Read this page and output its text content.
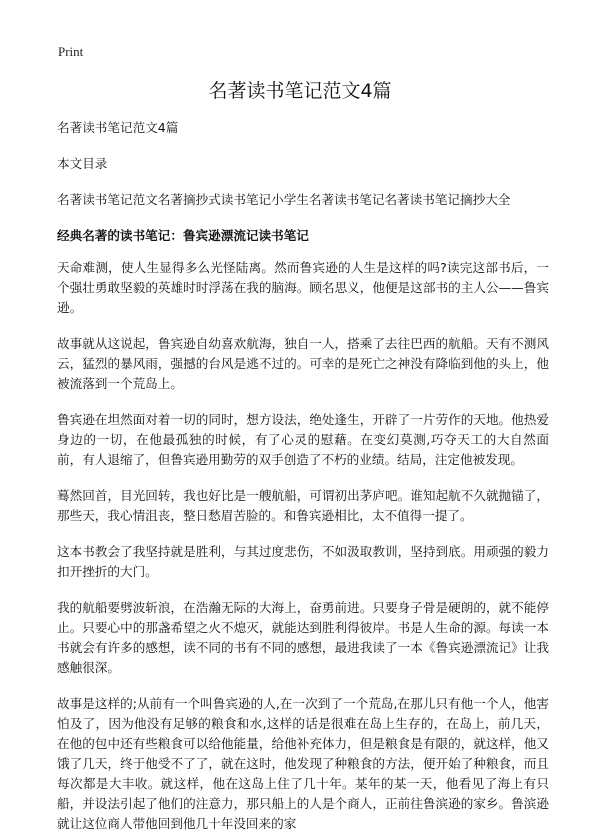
Print
名著读书笔记范文4篇

名著读书笔记范文4篇

本文目录

名著读书笔记范文名著摘抄式读书笔记小学生名著读书笔记名著读书笔记摘抄大全

经典名著的读书笔记：鲁宾逊漂流记读书笔记

天命难测，使人生显得多么光怪陆离。然而鲁宾逊的人生是这样的吗?读完这部书后，一个强壮勇敢坚毅的英雄时时浮荡在我的脑海。顾名思义，他便是这部书的主人公——鲁宾逊。

故事就从这说起，鲁宾逊自幼喜欢航海，独自一人，搭乘了去往巴西的航船。天有不测风云，猛烈的暴风雨，强撼的台风是逃不过的。可幸的是死亡之神没有降临到他的头上，他被流落到一个荒岛上。

鲁宾逊在坦然面对着一切的同时，想方设法，绝处逢生，开辟了一片劳作的天地。他热爱身边的一切，在他最孤独的时候，有了心灵的慰藉。在变幻莫测,巧夺天工的大自然面前，有人退缩了，但鲁宾逊用勤劳的双手创造了不朽的业绩。结局，注定他被发现。

蓦然回首，目光回转，我也好比是一艘航船，可谓初出茅庐吧。谁知起航不久就抛锚了，那些天，我心情沮丧，整日愁眉苦脸的。和鲁宾逊相比，太不值得一提了。

这本书教会了我坚持就是胜利，与其过度悲伤，不如汲取教训，坚持到底。用顽强的毅力扣开挫折的大门。

我的航船要劈波斩浪，在浩瀚无际的大海上，奋勇前进。只要身子骨是硬朗的，就不能停止。只要心中的那盏希望之火不熄灭，就能达到胜利得彼岸。书是人生命的源。每读一本书就会有许多的感想，读不同的书有不同的感想，最进我读了一本《鲁宾逊漂流记》让我感触很深。

故事是这样的;从前有一个叫鲁宾逊的人,在一次到了一个荒岛,在那儿只有他一个人，他害怕及了，因为他没有足够的粮食和水,这样的话是很难在岛上生存的，在岛上，前几天，在他的包中还有些粮食可以给他能量，给他补充体力，但是粮食是有限的，就这样，他又饿了几天，终于他受不了了，就在这时，他发现了种粮食的方法，便开始了种粮食，而且每次都是大丰收。就这样，他在这岛上住了几十年。某年的某一天，他看见了海上有只船，并设法引起了他们的注意力，那只船上的人是个商人，正前往鲁滨逊的家乡。鲁滨逊就让这位商人带他回到他几十年没回来的家
